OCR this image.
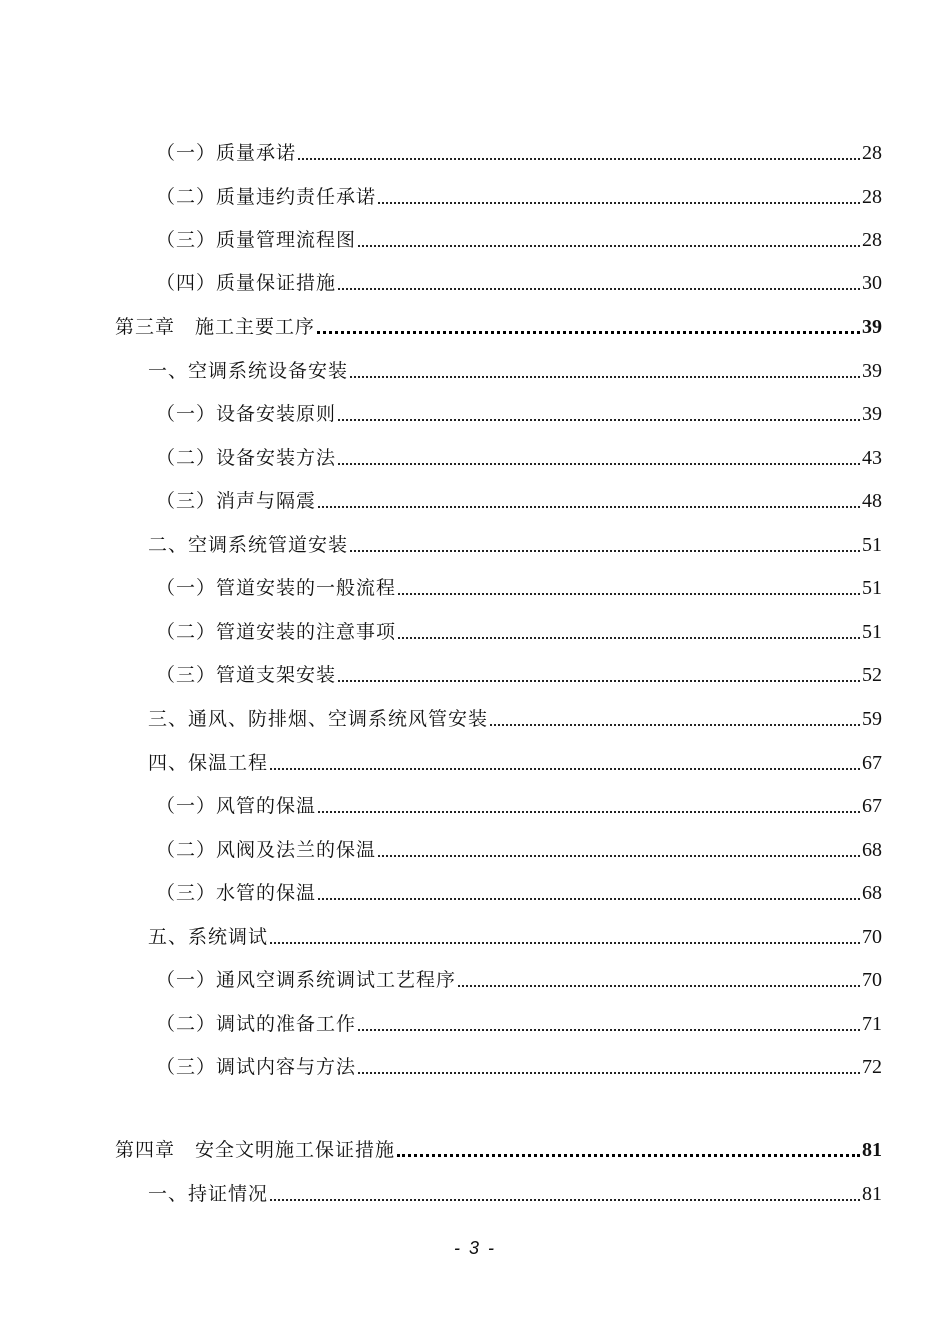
（一）质量承诺	28
（二）质量违约责任承诺	28
（三）质量管理流程图	28
（四）质量保证措施	30
第三章　施工主要工序	39
一、空调系统设备安装	39
（一）设备安装原则	39
（二）设备安装方法	43
（三）消声与隔震	48
二、空调系统管道安装	51
（一）管道安装的一般流程	51
（二）管道安装的注意事项	51
（三）管道支架安装	52
三、通风、防排烟、空调系统风管安装	59
四、保温工程	67
（一）风管的保温	67
（二）风阀及法兰的保温	68
（三）水管的保温	68
五、系统调试	70
（一）通风空调系统调试工艺程序	70
（二）调试的准备工作	71
（三）调试内容与方法	72
第四章　安全文明施工保证措施	81
一、持证情况	81
- 3 -
